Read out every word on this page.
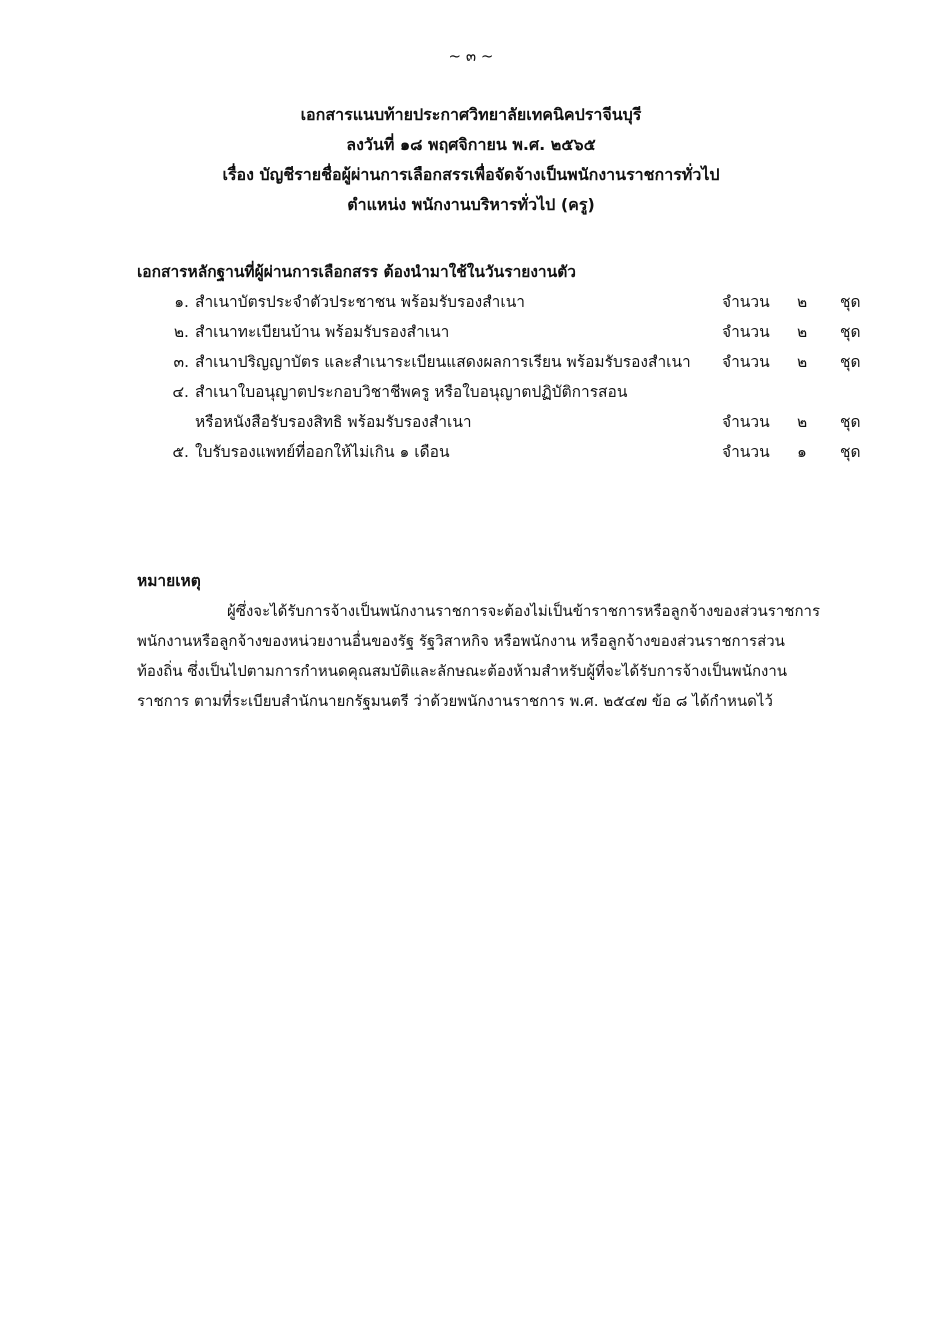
~ ๓ ~
เอกสารแนบท้ายประกาศวิทยาลัยเทคนิคปราจีนบุรี
ลงวันที่ ๑๘ พฤศจิกายน พ.ศ. ๒๕๖๕
เรื่อง บัญชีรายชื่อผู้ผ่านการเลือกสรรเพื่อจัดจ้างเป็นพนักงานราชการทั่วไป
ตำแหน่ง พนักงานบริหารทั่วไป (ครู)
เอกสารหลักฐานที่ผู้ผ่านการเลือกสรร ต้องนำมาใช้ในวันรายงานตัว
๑. สำเนาบัตรประจำตัวประชาชน พร้อมรับรองสำเนา	จำนวน ๒ ชุด
๒. สำเนาทะเบียนบ้าน พร้อมรับรองสำเนา	จำนวน ๒ ชุด
๓. สำเนาปริญญาบัตร และสำเนาระเบียนแสดงผลการเรียน พร้อมรับรองสำเนา จำนวน ๒ ชุด
๔. สำเนาใบอนุญาตประกอบวิชาชีพครู หรือใบอนุญาตปฏิบัติการสอน
หรือหนังสือรับรองสิทธิ พร้อมรับรองสำเนา	จำนวน ๒ ชุด
๕. ใบรับรองแพทย์ที่ออกให้ไม่เกิน ๑ เดือน	จำนวน ๑ ชุด
หมายเหตุ
ผู้ซึ่งจะได้รับการจ้างเป็นพนักงานราชการจะต้องไม่เป็นข้าราชการหรือลูกจ้างของส่วนราชการ
พนักงานหรือลูกจ้างของหน่วยงานอื่นของรัฐ รัฐวิสาหกิจ หรือพนักงาน หรือลูกจ้างของส่วนราชการส่วน
ท้องถิ่น ซึ่งเป็นไปตามการกำหนดคุณสมบัติและลักษณะต้องห้ามสำหรับผู้ที่จะได้รับการจ้างเป็นพนักงาน
ราชการ ตามที่ระเบียบสำนักนายกรัฐมนตรี ว่าด้วยพนักงานราชการ พ.ศ. ๒๕๔๗ ข้อ ๘ ได้กำหนดไว้
